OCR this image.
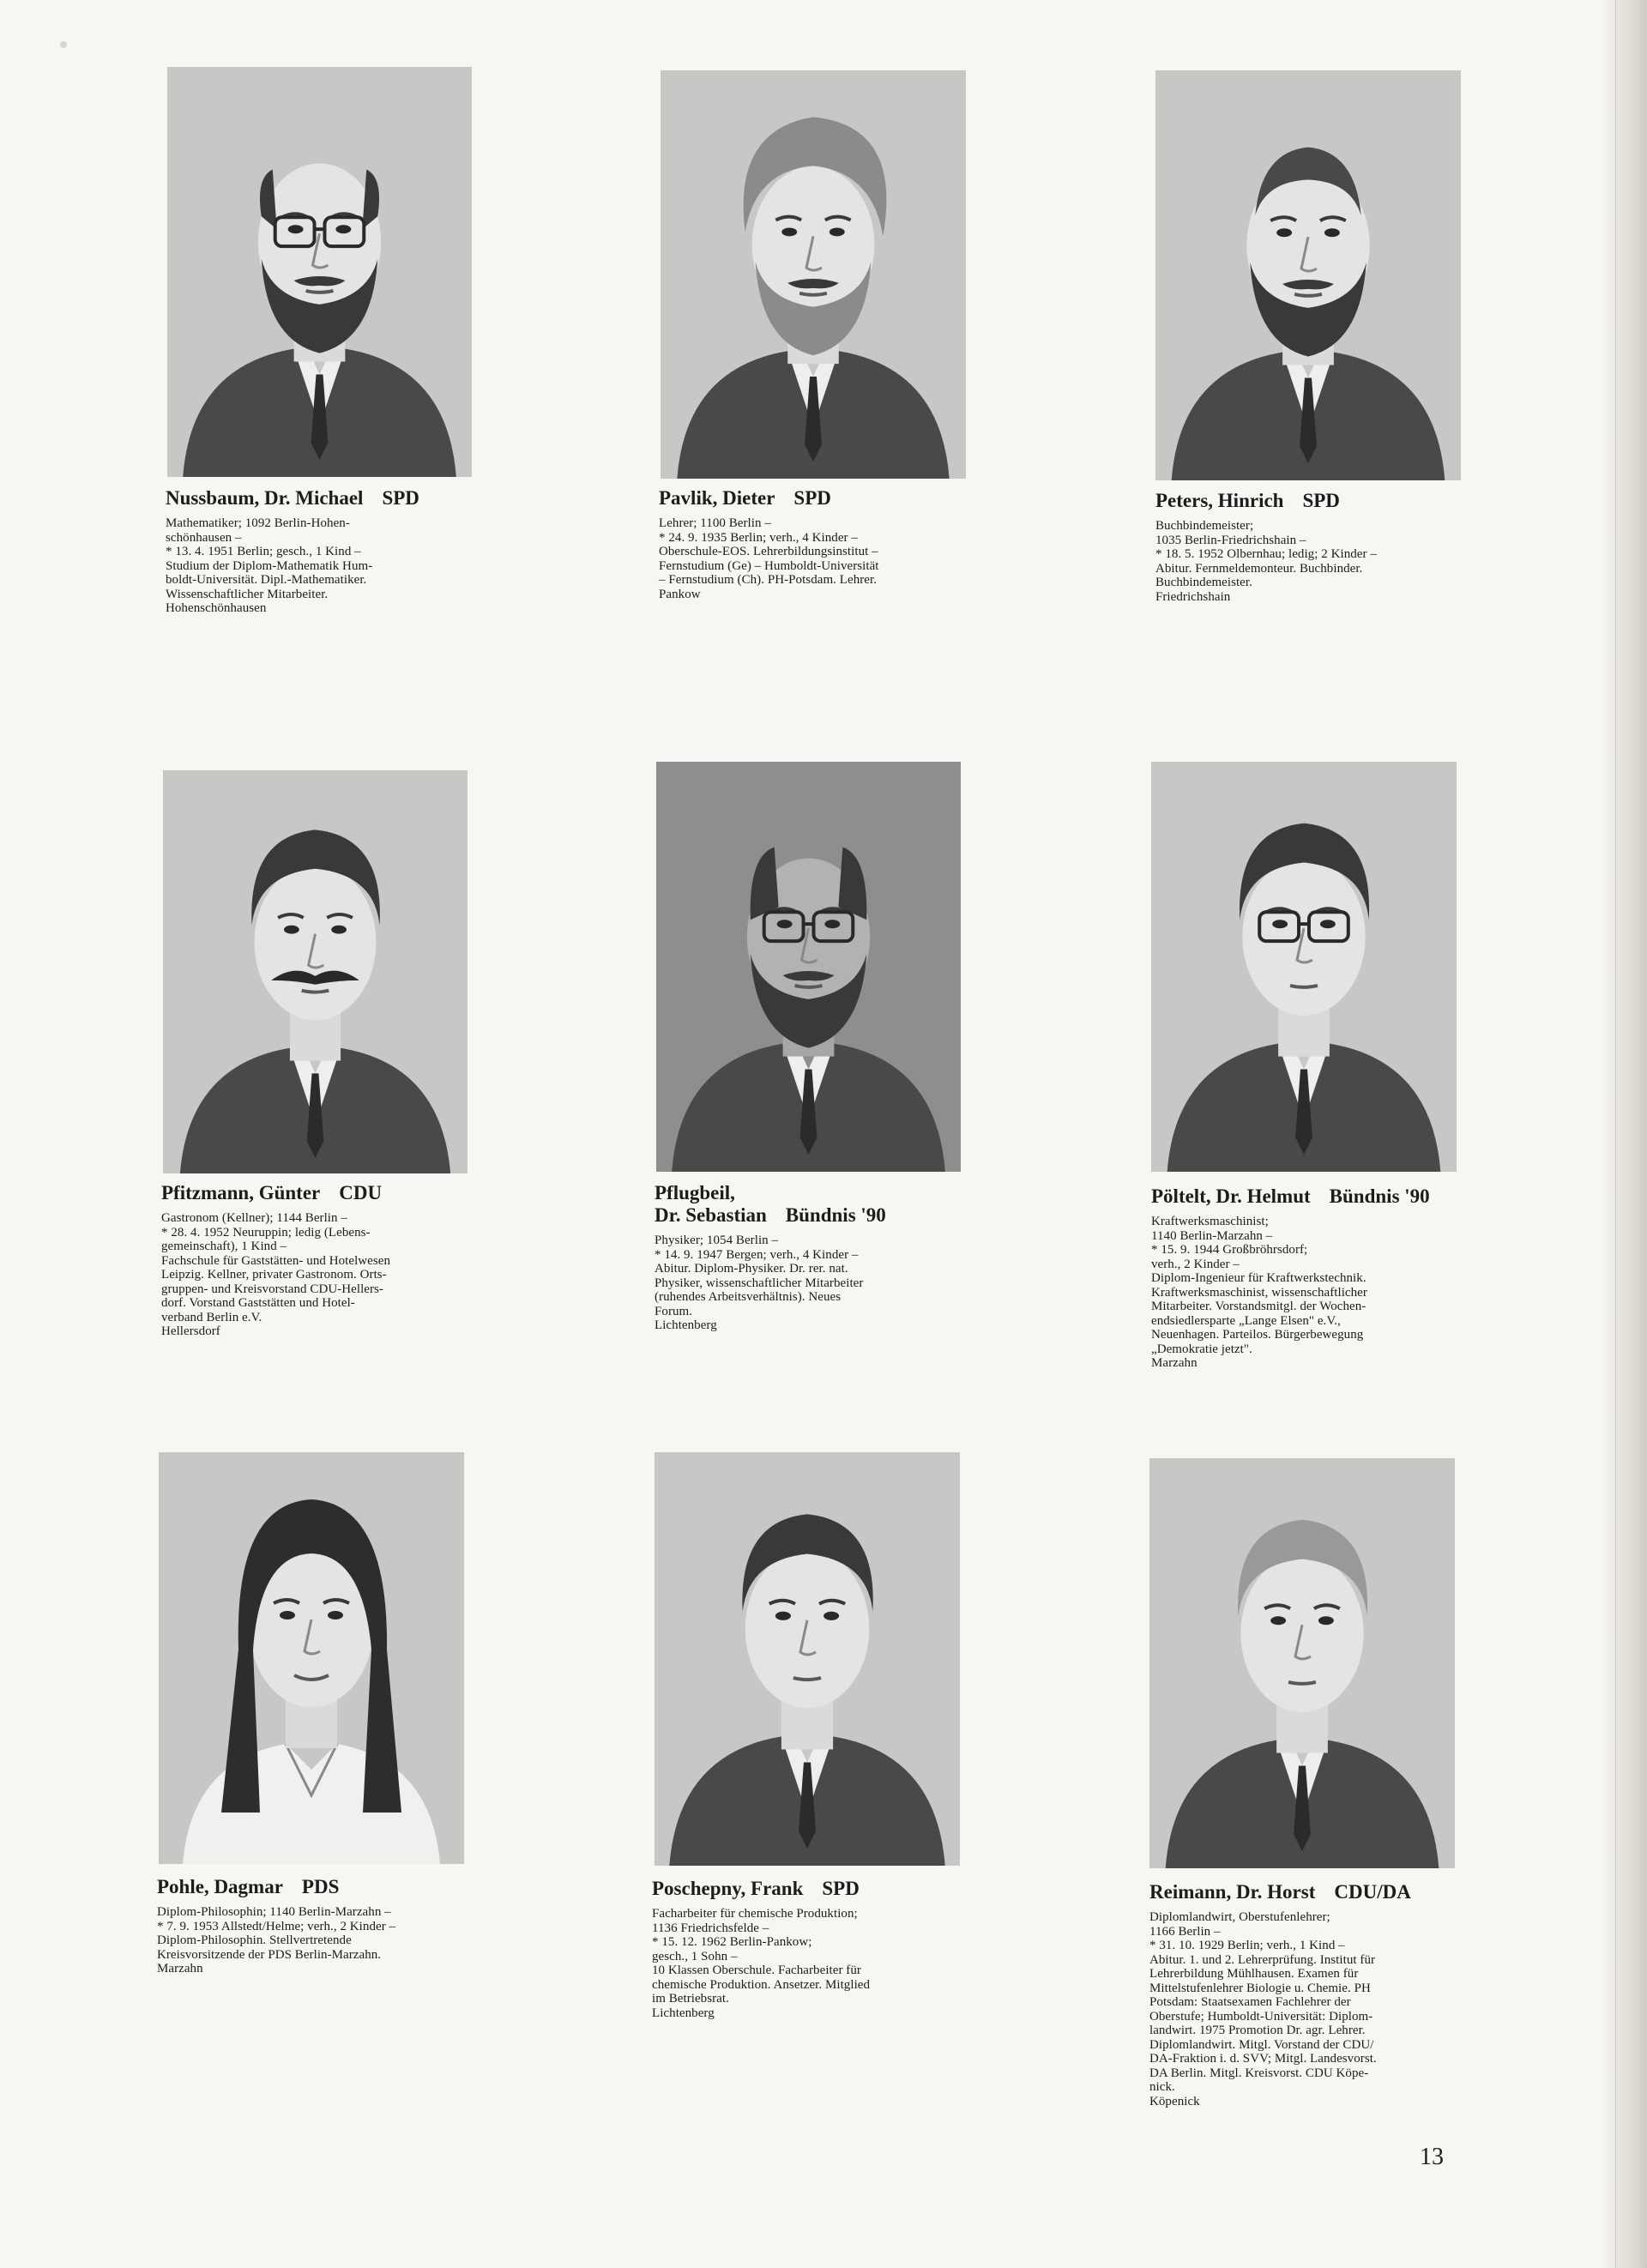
Nussbaum, Dr. Michael SPD
Mathematiker; 1092 Berlin-Hohen-
schönhausen –
* 13. 4. 1951 Berlin; gesch., 1 Kind –
Studium der Diplom-Mathematik Hum-
boldt-Universität. Dipl.-Mathematiker.
Wissenschaftlicher Mitarbeiter.
Hohenschönhausen
Pavlik, Dieter SPD
Lehrer; 1100 Berlin –
* 24. 9. 1935 Berlin; verh., 4 Kinder –
Oberschule-EOS. Lehrerbildungsinstitut –
Fernstudium (Ge) – Humboldt-Universität
– Fernstudium (Ch). PH-Potsdam. Lehrer.
Pankow
Peters, Hinrich SPD
Buchbindemeister;
1035 Berlin-Friedrichshain –
* 18. 5. 1952 Olbernhau; ledig; 2 Kinder –
Abitur. Fernmeldemonteur. Buchbinder.
Buchbindemeister.
Friedrichshain
Pfitzmann, Günter CDU
Gastronom (Kellner); 1144 Berlin –
* 28. 4. 1952 Neuruppin; ledig (Lebens-
gemeinschaft), 1 Kind –
Fachschule für Gaststätten- und Hotelwesen
Leipzig. Kellner, privater Gastronom. Orts-
gruppen- und Kreisvorstand CDU-Hellers-
dorf. Vorstand Gaststätten und Hotel-
verband Berlin e.V.
Hellersdorf
Pflugbeil,
Dr. Sebastian Bündnis '90
Physiker; 1054 Berlin –
* 14. 9. 1947 Bergen; verh., 4 Kinder –
Abitur. Diplom-Physiker. Dr. rer. nat.
Physiker, wissenschaftlicher Mitarbeiter
(ruhendes Arbeitsverhältnis). Neues
Forum.
Lichtenberg
Pöltelt, Dr. Helmut Bündnis '90
Kraftwerksmaschinist;
1140 Berlin-Marzahn –
* 15. 9. 1944 Großbröhrsdorf;
verh., 2 Kinder –
Diplom-Ingenieur für Kraftwerkstechnik.
Kraftwerksmaschinist, wissenschaftlicher
Mitarbeiter. Vorstandsmitgl. der Wochen-
endsiedlersparte „Lange Elsen" e.V.,
Neuenhagen. Parteilos. Bürgerbewegung
„Demokratie jetzt".
Marzahn
Pohle, Dagmar PDS
Diplom-Philosophin; 1140 Berlin-Marzahn –
* 7. 9. 1953 Allstedt/Helme; verh., 2 Kinder –
Diplom-Philosophin. Stellvertretende
Kreisvorsitzende der PDS Berlin-Marzahn.
Marzahn
Poschepny, Frank SPD
Facharbeiter für chemische Produktion;
1136 Friedrichsfelde –
* 15. 12. 1962 Berlin-Pankow;
gesch., 1 Sohn –
10 Klassen Oberschule. Facharbeiter für
chemische Produktion. Ansetzer. Mitglied
im Betriebsrat.
Lichtenberg
Reimann, Dr. Horst CDU/DA
Diplomlandwirt, Oberstufenlehrer;
1166 Berlin –
* 31. 10. 1929 Berlin; verh., 1 Kind –
Abitur. 1. und 2. Lehrerprüfung. Institut für
Lehrerbildung Mühlhausen. Examen für
Mittelstufenlehrer Biologie u. Chemie. PH
Potsdam: Staatsexamen Fachlehrer der
Oberstufe; Humboldt-Universität: Diplom-
landwirt. 1975 Promotion Dr. agr. Lehrer.
Diplomlandwirt. Mitgl. Vorstand der CDU/
DA-Fraktion i. d. SVV; Mitgl. Landesvorst.
DA Berlin. Mitgl. Kreisvorst. CDU Köpe-
nick.
Köpenick
13
